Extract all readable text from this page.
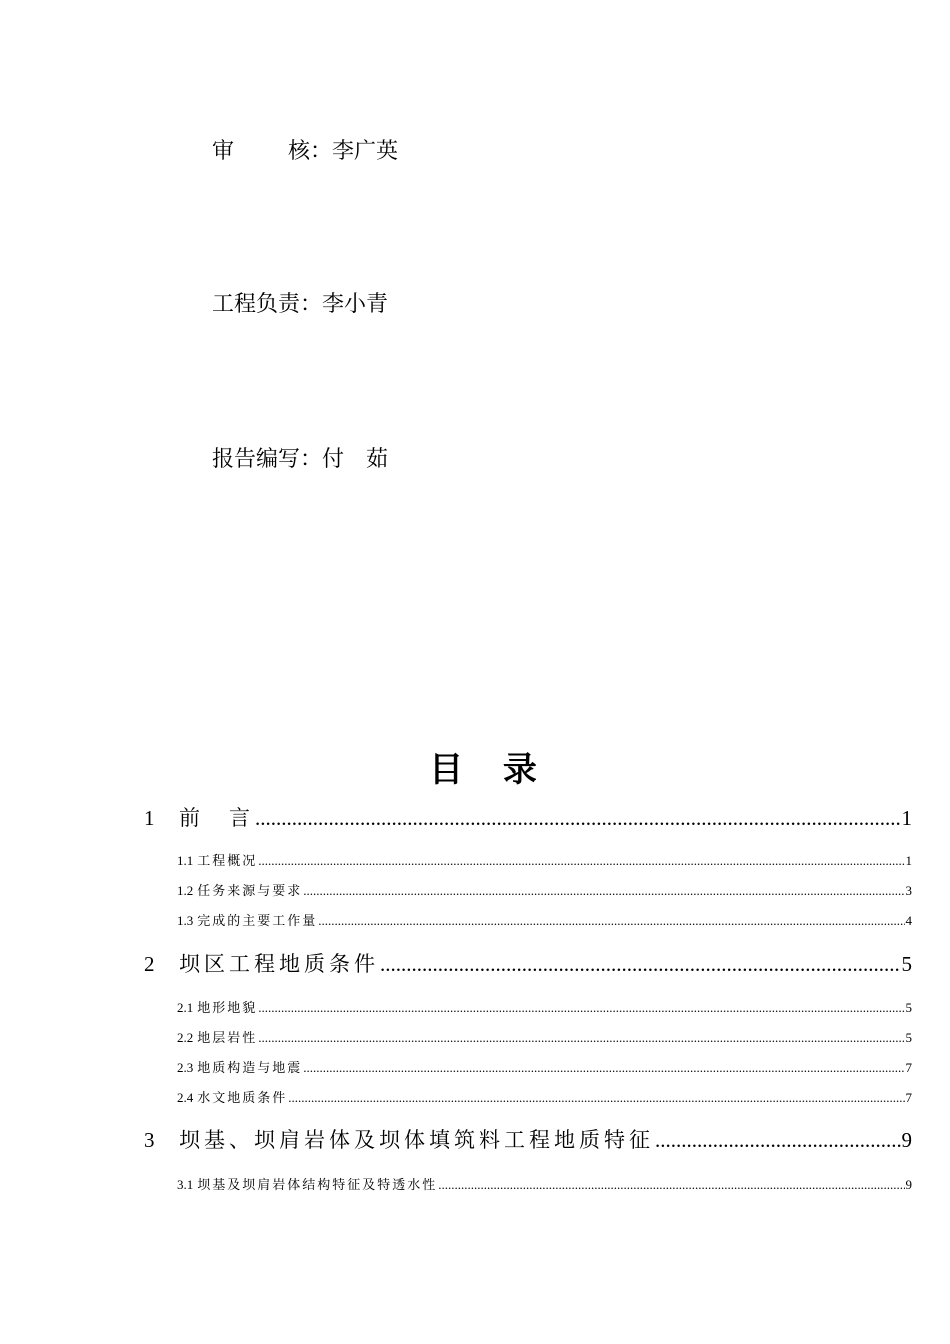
审 核： 李广英
工程负责：李小青
报告编写：付　茹
目 录
1	前　言 .....	1
1.1 工程概况 .....	1
1.2 任务来源与要求 .....	3
1.3 完成的主要工作量 .....	4
2	坝区工程地质条件 .....	5
2.1 地形地貌 .....	5
2.2 地层岩性 .....	5
2.3 地质构造与地震 .....	7
2.4 水文地质条件 .....	7
3	坝基、坝肩岩体及坝体填筑料工程地质特征 .....	9
3.1 坝基及坝肩岩体结构特征及特透水性 .....	9
